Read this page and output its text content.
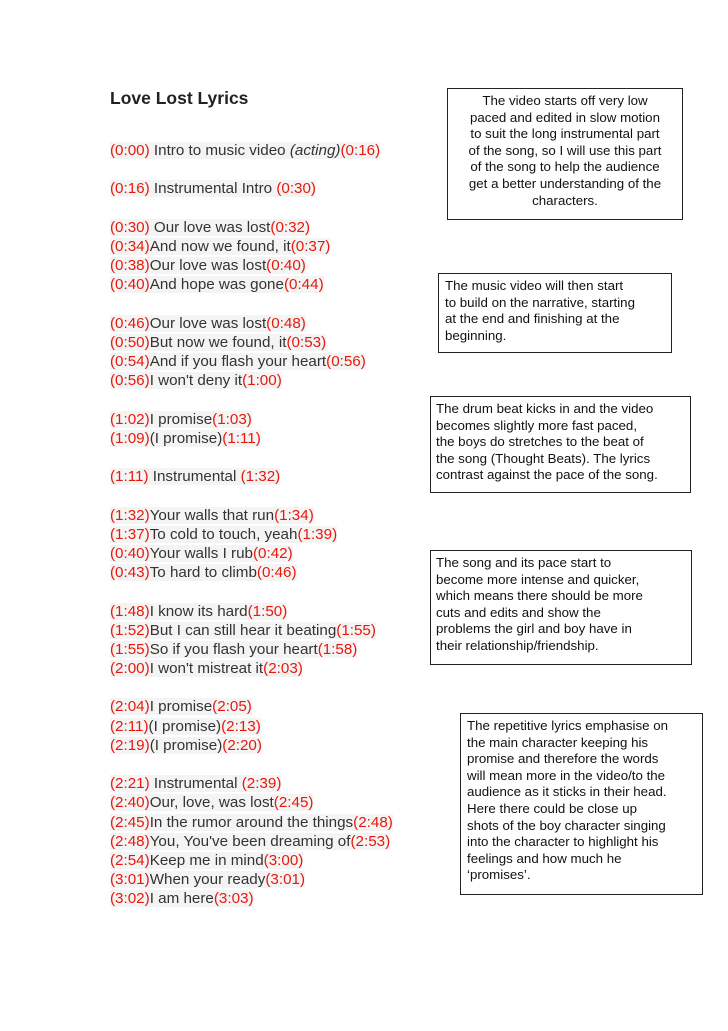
Love Lost Lyrics
(0:00) Intro to music video (acting)(0:16)
(0:16) Instrumental Intro (0:30)
(0:30) Our love was lost(0:32)
(0:34)And now we found, it(0:37)
(0:38)Our love was lost(0:40)
(0:40)And hope was gone(0:44)
(0:46)Our love was lost(0:48)
(0:50)But now we found, it(0:53)
(0:54)And if you flash your heart(0:56)
(0:56)I won't deny it(1:00)
(1:02)I promise(1:03)
(1:09)(I promise)(1:11)
(1:11) Instrumental (1:32)
(1:32)Your walls that run(1:34)
(1:37)To cold to touch, yeah(1:39)
(0:40)Your walls I rub(0:42)
(0:43)To hard to climb(0:46)
(1:48)I know its hard(1:50)
(1:52)But I can still hear it beating(1:55)
(1:55)So if you flash your heart(1:58)
(2:00)I won't mistreat it(2:03)
(2:04)I promise(2:05)
(2:11)(I promise)(2:13)
(2:19)(I promise)(2:20)
(2:21) Instrumental (2:39)
(2:40)Our, love, was lost(2:45)
(2:45)In the rumor around the things(2:48)
(2:48)You, You've been dreaming of(2:53)
(2:54)Keep me in mind(3:00)
(3:01)When your ready(3:01)
(3:02)I am here(3:03)
The video starts off very low
paced and edited in slow motion
to suit the long instrumental part
of the song, so I will use this part
of the song to help the audience
get a better understanding of the
characters.
The music video will then start
to build on the narrative, starting
at the end and finishing at the
beginning.
The drum beat kicks in and the video
becomes slightly more fast paced,
the boys do stretches to the beat of
the song (Thought Beats). The lyrics
contrast against the pace of the song.
The song and its pace start to
become more intense and quicker,
which means there should be more
cuts and edits and show the
problems the girl and boy have in
their relationship/friendship.
The repetitive lyrics emphasise on
the main character keeping his
promise and therefore the words
will mean more in the video/to the
audience as it sticks in their head.
Here there could be close up
shots of the boy character singing
into the character to highlight his
feelings and how much he
‘promises’.
